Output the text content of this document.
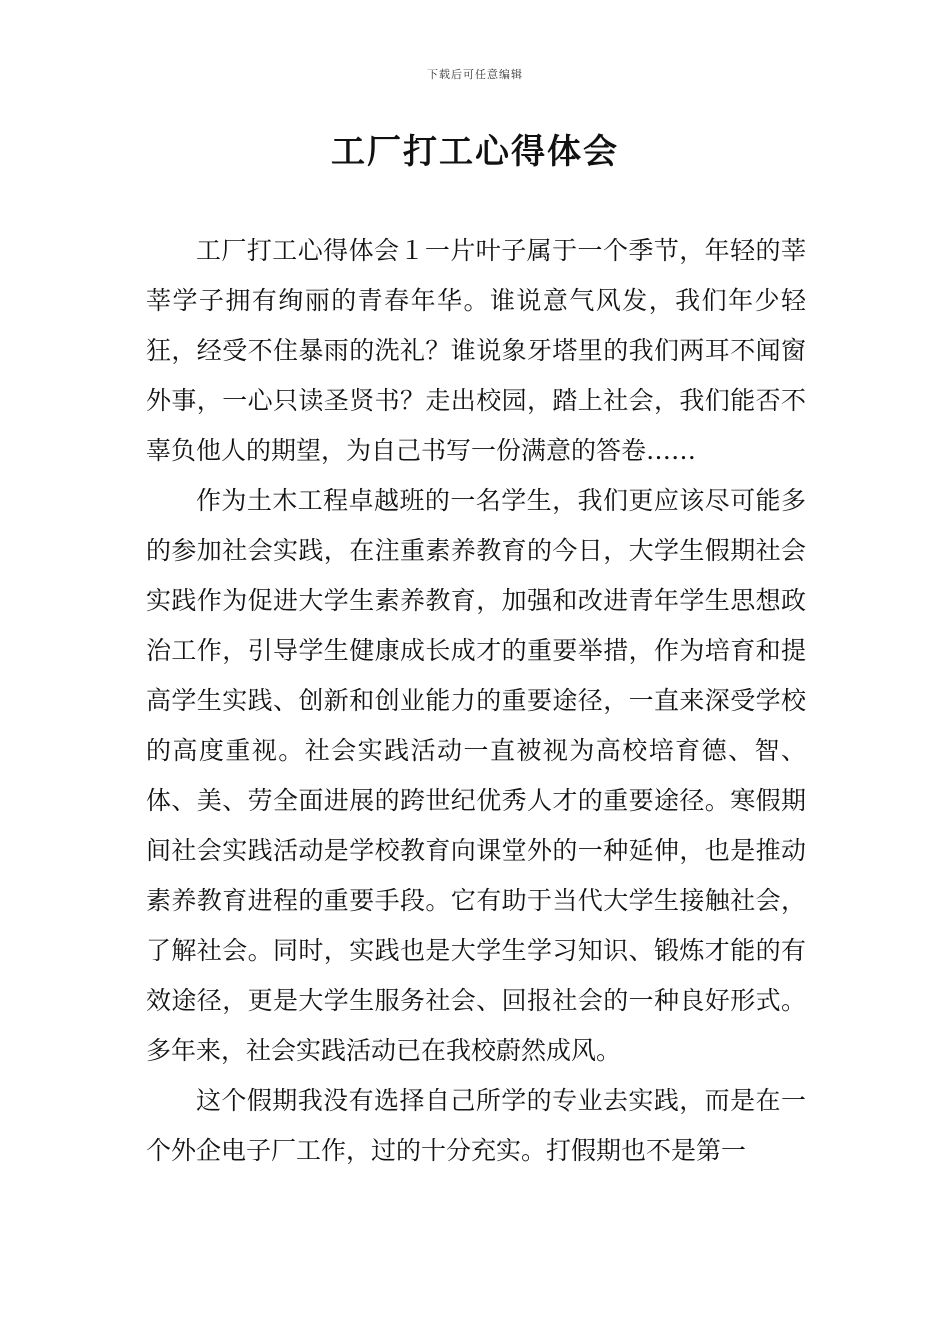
下载后可任意编辑
工厂打工心得体会

工厂打工心得体会１一片叶子属于一个季节，年轻的莘莘学子拥有绚丽的青春年华。谁说意气风发，我们年少轻狂，经受不住暴雨的洗礼？谁说象牙塔里的我们两耳不闻窗外事，一心只读圣贤书？走出校园，踏上社会，我们能否不辜负他人的期望，为自己书写一份满意的答卷……

作为土木工程卓越班的一名学生，我们更应该尽可能多的参加社会实践，在注重素养教育的今日，大学生假期社会实践作为促进大学生素养教育，加强和改进青年学生思想政治工作，引导学生健康成长成才的重要举措，作为培育和提高学生实践、创新和创业能力的重要途径，一直来深受学校的高度重视。社会实践活动一直被视为高校培育德、智、体、美、劳全面进展的跨世纪优秀人才的重要途径。寒假期间社会实践活动是学校教育向课堂外的一种延伸，也是推动素养教育进程的重要手段。它有助于当代大学生接触社会，了解社会。同时，实践也是大学生学习知识、锻炼才能的有效途径，更是大学生服务社会、回报社会的一种良好形式。多年来，社会实践活动已在我校蔚然成风。

这个假期我没有选择自己所学的专业去实践，而是在一个外企电子厂工作，过的十分充实。打假期也不是第一
